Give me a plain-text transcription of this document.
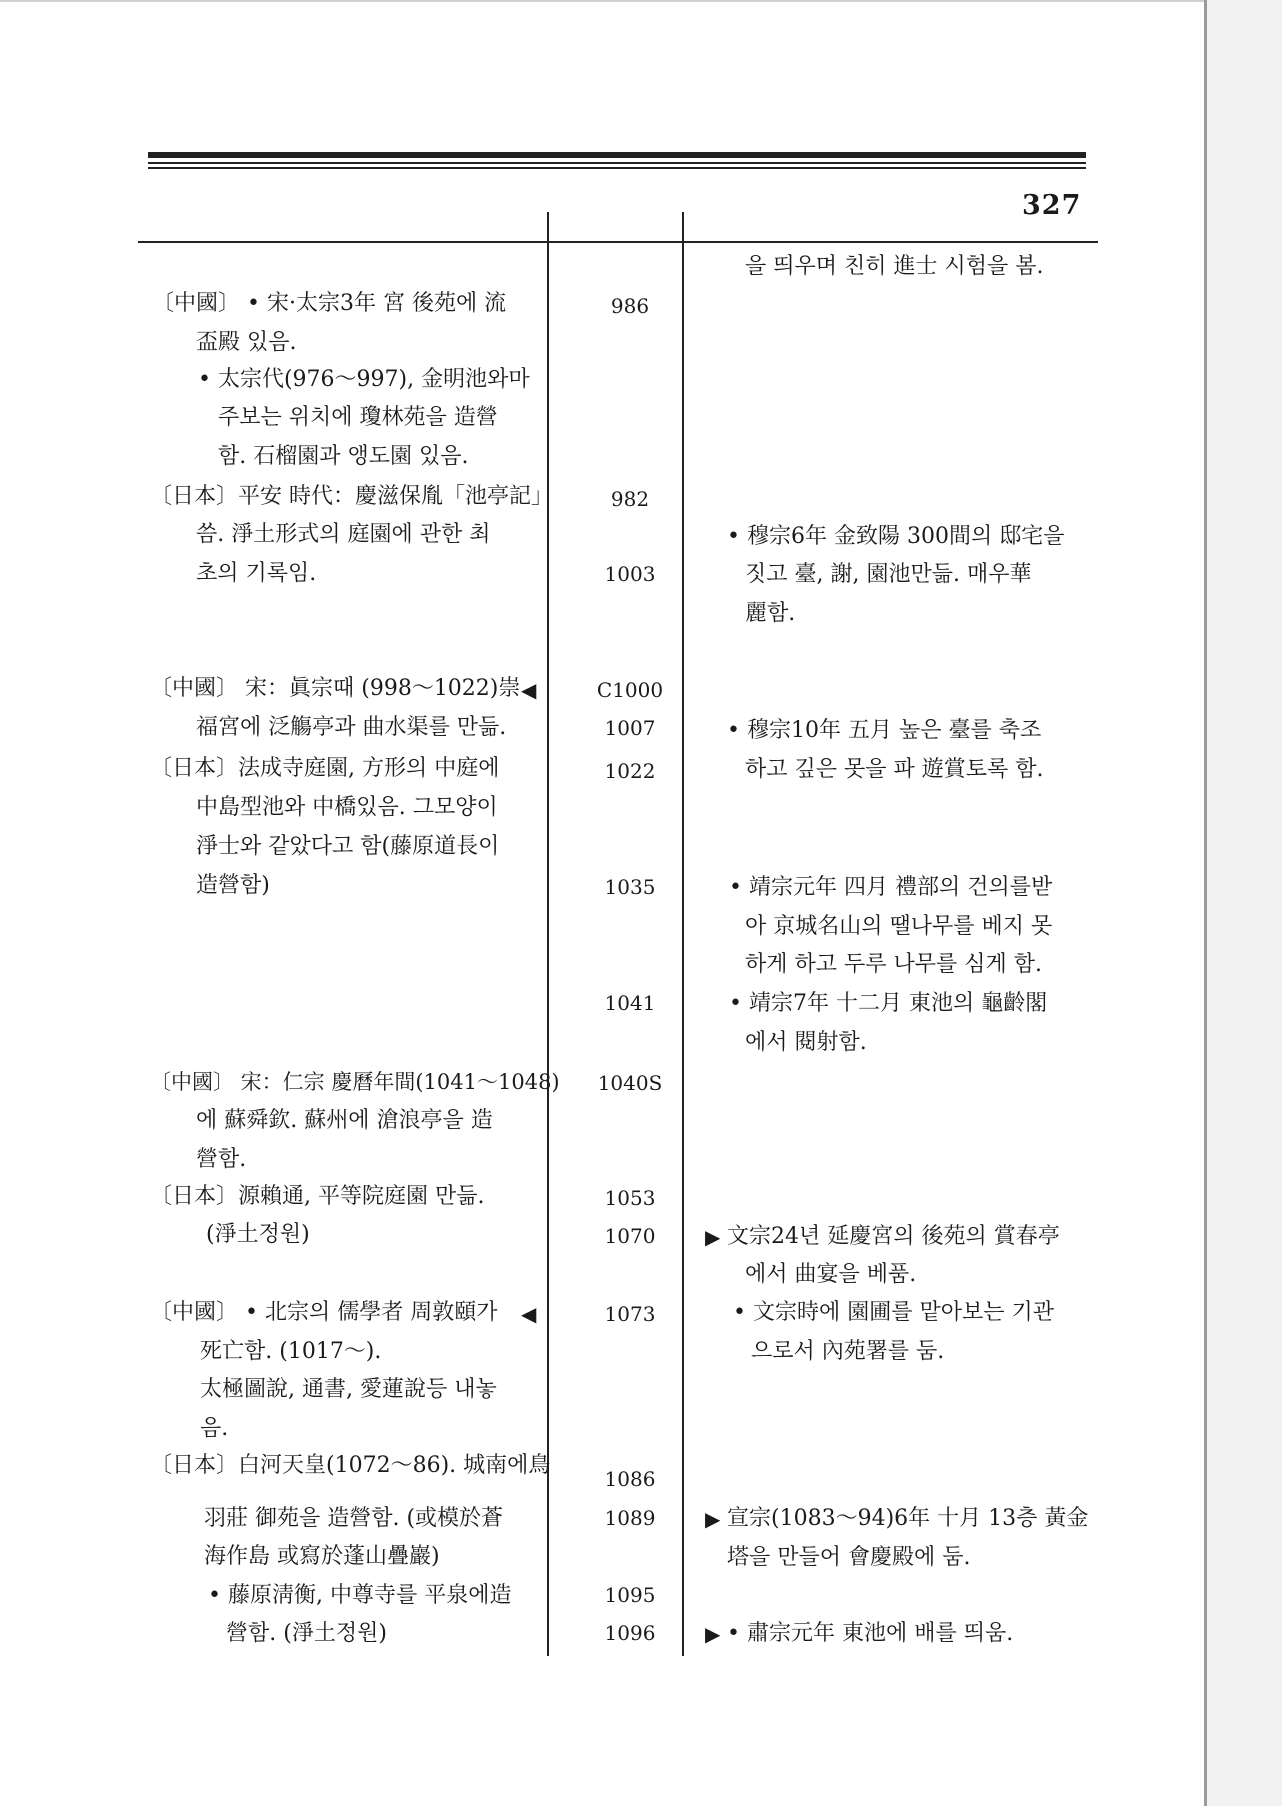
327
〔中國〕 • 宋·太宗3年 宮 後苑에 流
盃殿 있음.
• 太宗代(976～997), 金明池와마
주보는 위치에 瓊林苑을 造營
함. 石榴園과 앵도園 있음.
〔日本〕平安 時代：慶滋保胤「池亭記」
씀. 淨土形式의 庭園에 관한 최
초의 기록임.
〔中國〕 宋：眞宗때 (998～1022)崇 ◀
福宮에 泛觴亭과 曲水渠를 만듦.
〔日本〕法成寺庭園, 方形의 中庭에
中島型池와 中橋있음. 그모양이
淨士와 같았다고 함(藤原道長이
造營함)
〔中國〕 宋：仁宗 慶曆年間(1041～1048)
에 蘇舜欽. 蘇州에 滄浪亭을 造
營함.
〔日本〕源賴通, 平等院庭園 만듦.
(淨土정원)
〔中國〕 • 北宗의 儒學者 周敦頤가 ◀
死亡함. (1017～).
太極圖說, 通書, 愛蓮說등 내놓
음.
〔日本〕白河天皇(1072～86). 城南에鳥
羽莊 御苑을 造營함. (或模於蒼
海作島 或寫於蓬山疊巖)
• 藤原淸衡, 中尊寺를 平泉에造
營함. (淨土정원)
986
982
1003
C1000
1007
1022
1035
1041
1040S
1053
1070
1073
1086
1089
1095
1096
을 띄우며 친히 進士 시험을 봄.
• 穆宗6年 金致陽 300間의 邸宅을
짓고 臺, 謝, 園池만듦. 매우華
麗함.
• 穆宗10年 五月 높은 臺를 축조
하고 깊은 못을 파 遊賞토록 함.
• 靖宗元年 四月 禮部의 건의를받
아 京城名山의 땔나무를 베지 못
하게 하고 두루 나무를 심게 함.
• 靖宗7年 十二月 東池의 龜齡閣
에서 閱射함.
▶ 文宗24년 延慶宮의 後苑의 賞春亭
에서 曲宴을 베품.
• 文宗時에 園圃를 맡아보는 기관
으로서 內苑署를 둠.
▶ 宣宗(1083～94)6年 十月 13층 黃金
塔을 만들어 會慶殿에 둠.
▶ • 肅宗元年 東池에 배를 띄움.
